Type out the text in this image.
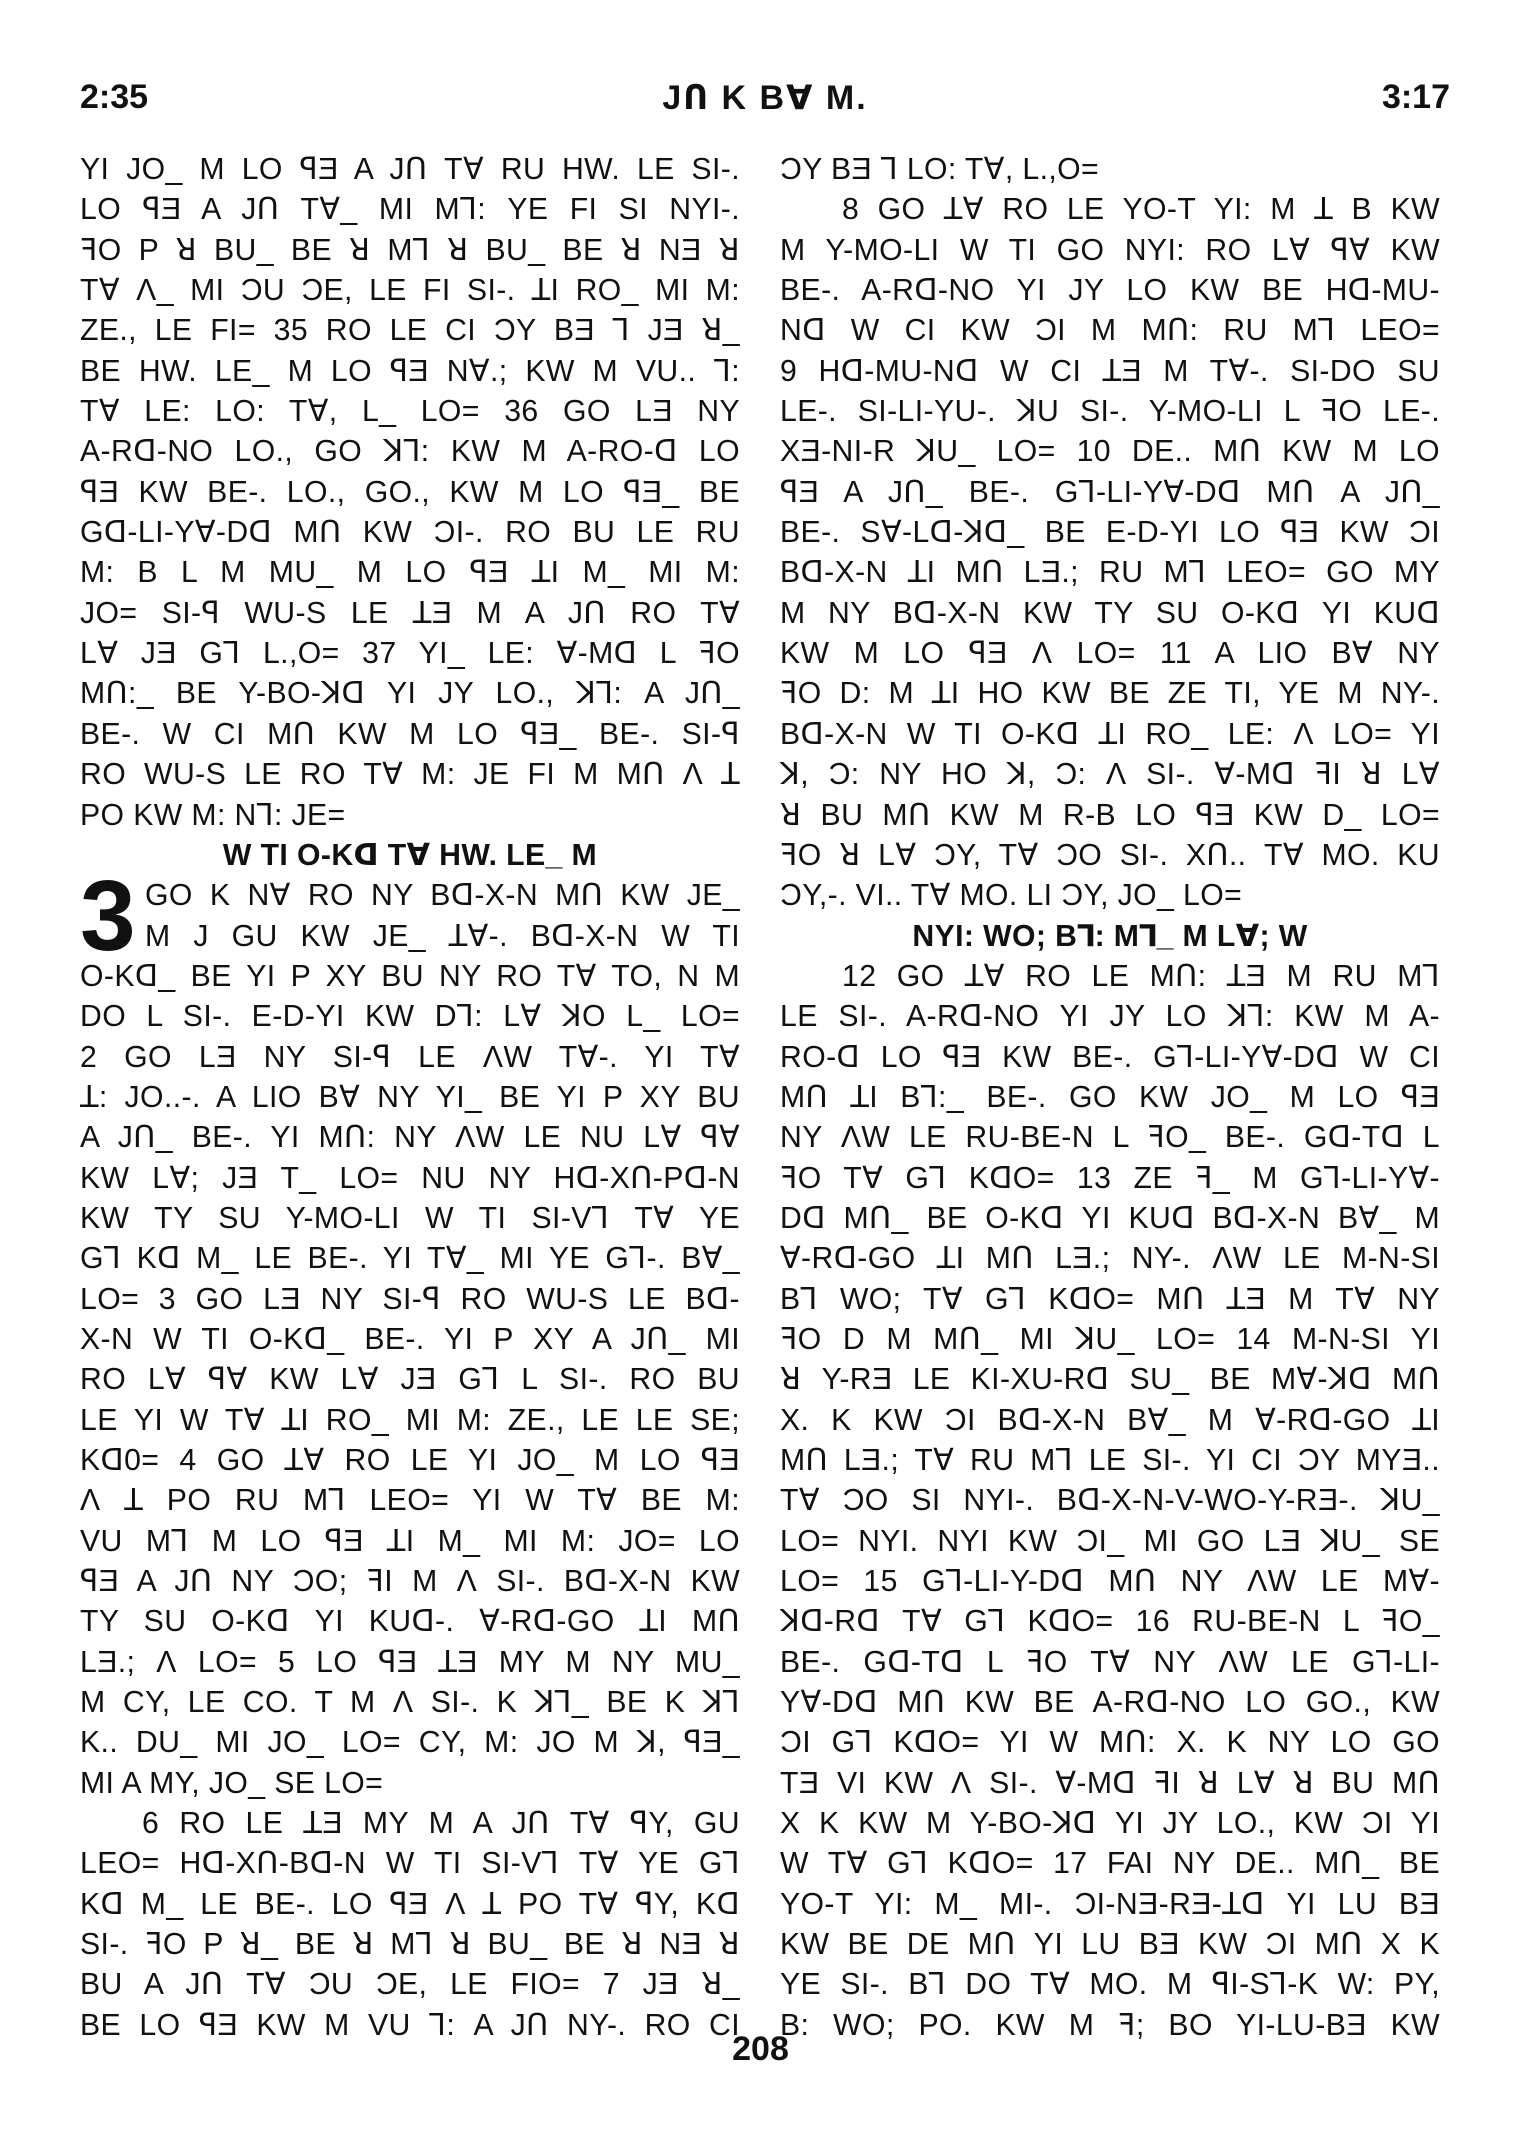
2:35	JՈ K BⱯ M.	3:17
YI JO_ M LO ꟼƎ A JՈ TⱯ RU HW. LE SI-.
LO ꟼƎ A JՈ TⱯ_ MI Mꓶ: YE FI SI NYI-.
ꟻO P ꓤ BU_ BE ꓤ Mꓶ ꓤ BU_ BE ꓤ NƎ ꓤ
TⱯ Ʌ_ MI ƆU ƆE, LE FI SI-. ꓕI RO_ MI M:
ZE., LE FI= 35 RO LE CI ƆY BƎ ꓶ JƎ ꓤ_
BE HW. LE_ M LO ꟼƎ NⱯ.; KW M VU.. ꓶ:
TⱯ LE: LO: TⱯ, L_ LO= 36 GO LƎ NY
A-Rꓷ-NO LO., GO ꓘꓶ: KW M A-RO-ꓷ LO
ꟼƎ KW BE-. LO., GO., KW M LO ꟼƎ_ BE
Gꓷ-LI-YⱯ-Dꓷ MՈ KW ƆI-. RO BU LE RU
M: B L M MU_ M LO ꟼƎ ꓕI M_ MI M:
JO= SI-ꟼ WU-S LE ꓕƎ M A JՈ RO TⱯ
LⱯ JƎ Gꓶ L.,O= 37 YI_ LE: Ɐ-Mꓷ L ꟻO
MՈ:_ BE Y-BO-ꓘꓷ YI JY LO., ꓘꓶ: A JՈ_
BE-. W CI MՈ KW M LO ꟼƎ_ BE-. SI-ꟼ
RO WU-S LE RO TⱯ M: JE FI M MՈ Ʌ ꓕ
PO KW M: Nꓶ: JE=
W TI O-Kꓷ TⱯ HW. LE_ M
3 GO K NⱯ RO NY Bꓷ-X-N MՈ KW JE_
M J GU KW JE_ ꓕⱯ-. Bꓷ-X-N W TI
O-Kꓷ_ BE YI P XY BU NY RO TⱯ TO, N M
DO L SI-. E-D-YI KW Dꓶ: LⱯ ꓘO L_ LO=
2 GO LƎ NY SI-ꟼ LE ɅW TⱯ-. YI TⱯ
ꓕ: JO..-. A LIO BⱯ NY YI_ BE YI P XY BU
A JՈ_ BE-. YI MՈ: NY ɅW LE NU LⱯ ꟼⱯ
KW LⱯ; JƎ T_ LO= NU NY Hꓷ-XՈ-Pꓷ-N
KW TY SU Y-MO-LI W TI SI-Vꓶ TⱯ YE
Gꓶ Kꓷ M_ LE BE-. YI TⱯ_ MI YE Gꓶ-. BⱯ_
LO= 3 GO LƎ NY SI-ꟼ RO WU-S LE Bꓷ-
X-N W TI O-Kꓷ_ BE-. YI P XY A JՈ_ MI
RO LⱯ ꟼⱯ KW LⱯ JƎ Gꓶ L SI-. RO BU
LE YI W TⱯ ꓕI RO_ MI M: ZE., LE LE SE;
Kꓷ0= 4 GO ꓕⱯ RO LE YI JO_ M LO ꟼƎ
Ʌ ꓕ PO RU Mꓶ LEO= YI W TⱯ BE M:
VU Mꓶ M LO ꟼƎ ꓕI M_ MI M: JO= LO
ꟼƎ A JՈ NY ƆO; ꟻI M Ʌ SI-. Bꓷ-X-N KW
TY SU O-Kꓷ YI KUꓷ-. Ɐ-Rꓷ-GO ꓕI MՈ
LƎ.; Ʌ LO= 5 LO ꟼƎ ꓕƎ MY M NY MU_
M CY, LE CO. T M Ʌ SI-. K ꓘꓶ_ BE K ꓘꓶ
K.. DU_ MI JO_ LO= CY, M: JO M ꓘ, ꟼƎ_
MI A MY, JO_ SE LO=
6 RO LE ꓕƎ MY M A JՈ TⱯ ꟼY, GU
LEO= Hꓷ-XՈ-Bꓷ-N W TI SI-Vꓶ TⱯ YE Gꓶ
Kꓷ M_ LE BE-. LO ꟼƎ Ʌ ꓕ PO TⱯ ꟼY, Kꓷ
SI-. ꟻO P ꓤ_ BE ꓤ Mꓶ ꓤ BU_ BE ꓤ NƎ ꓤ
BU A JՈ TⱯ ƆU ƆE, LE FIO= 7 JƎ ꓤ_
BE LO ꟼƎ KW M VU ꓶ: A JՈ NY-. RO CI
ƆY BƎ ꓶ LO: TⱯ, L.,O=
8 GO ꓕⱯ RO LE YO-T YI: M ꓕ B KW
M Y-MO-LI W TI GO NYI: RO LⱯ ꟼⱯ KW
BE-. A-Rꓷ-NO YI JY LO KW BE Hꓷ-MU-
Nꓷ W CI KW ƆI M MՈ: RU Mꓶ LEO=
9 Hꓷ-MU-Nꓷ W CI ꓕƎ M TⱯ-. SI-DO SU
LE-. SI-LI-YU-. ꓘU SI-. Y-MO-LI L ꟻO LE-.
XƎ-NI-R ꓘU_ LO= 10 DE.. MՈ KW M LO
ꟼƎ A JՈ_ BE-. Gꓶ-LI-YⱯ-Dꓷ MՈ A JՈ_
BE-. SⱯ-Lꓷ-ꓘꓷ_ BE E-D-YI LO ꟼƎ KW ƆI
Bꓷ-X-N ꓕI MՈ LƎ.; RU Mꓶ LEO= GO MY
M NY Bꓷ-X-N KW TY SU O-Kꓷ YI KUꓷ
KW M LO ꟼƎ Ʌ LO= 11 A LIO BⱯ NY
ꟻO D: M ꓕI HO KW BE ZE TI, YE M NY-.
Bꓷ-X-N W TI O-Kꓷ ꓕI RO_ LE: Ʌ LO= YI
ꓘ, Ɔ: NY HO ꓘ, Ɔ: Ʌ SI-. Ɐ-Mꓷ ꟻI ꓤ LⱯ
ꓤ BU MՈ KW M R-B LO ꟼƎ KW D_ LO=
ꟻO ꓤ LⱯ ƆY, TⱯ ƆO SI-. XՈ.. TⱯ MO. KU
ƆY,-. VI.. TⱯ MO. LI ƆY, JO_ LO=
NYI: WO; Bꓶ: Mꓶ_ M LⱯ; W
12 GO ꓕⱯ RO LE MՈ: ꓕƎ M RU Mꓶ
LE SI-. A-Rꓷ-NO YI JY LO ꓘꓶ: KW M A-
RO-ꓷ LO ꟼƎ KW BE-. Gꓶ-LI-YⱯ-Dꓷ W CI
MՈ ꓕI Bꓶ:_ BE-. GO KW JO_ M LO ꟼƎ
NY ɅW LE RU-BE-N L ꟻO_ BE-. Gꓷ-Tꓷ L
ꟻO TⱯ Gꓶ KꓷO= 13 ZE ꟻ_ M Gꓶ-LI-YⱯ-
Dꓷ MՈ_ BE O-Kꓷ YI KUꓷ Bꓷ-X-N BⱯ_ M
Ɐ-Rꓷ-GO ꓕI MՈ LƎ.; NY-. ɅW LE M-N-SI
Bꓶ WO; TⱯ Gꓶ KꓷO= MՈ ꓕƎ M TⱯ NY
ꟻO D M MՈ_ MI ꓘU_ LO= 14 M-N-SI YI
ꓤ Y-RƎ LE KI-XU-Rꓷ SU_ BE MⱯ-ꓘꓷ MՈ
X. K KW ƆI Bꓷ-X-N BⱯ_ M Ɐ-Rꓷ-GO ꓕI
MՈ LƎ.; TⱯ RU Mꓶ LE SI-. YI CI ƆY MYƎ..
TⱯ ƆO SI NYI-. Bꓷ-X-N-V-WO-Y-RƎ-. ꓘU_
LO= NYI. NYI KW ƆI_ MI GO LƎ ꓘU_ SE
LO= 15 Gꓶ-LI-Y-Dꓷ MՈ NY ɅW LE MⱯ-
ꓘꓷ-Rꓷ TⱯ Gꓶ KꓷO= 16 RU-BE-N L ꟻO_
BE-. Gꓷ-Tꓷ L ꟻO TⱯ NY ɅW LE Gꓶ-LI-
YⱯ-Dꓷ MՈ KW BE A-Rꓷ-NO LO GO., KW
ƆI Gꓶ KꓷO= YI W MՈ: X. K NY LO GO
TƎ VI KW Ʌ SI-. Ɐ-Mꓷ ꟻI ꓤ LⱯ ꓤ BU MՈ
X K KW M Y-BO-ꓘꓷ YI JY LO., KW ƆI YI
W TⱯ Gꓶ KꓷO= 17 FAI NY DE.. MՈ_ BE
YO-T YI: M_ MI-. ƆI-NƎ-RƎ-ꓕꓷ YI LU BƎ
KW BE DE MՈ YI LU BƎ KW ƆI MՈ X K
YE SI-. Bꓶ DO TⱯ MO. M ꟼI-Sꓶ-K W: PY,
B: WO; PO. KW M ꟻ; BO YI-LU-BƎ KW
208
